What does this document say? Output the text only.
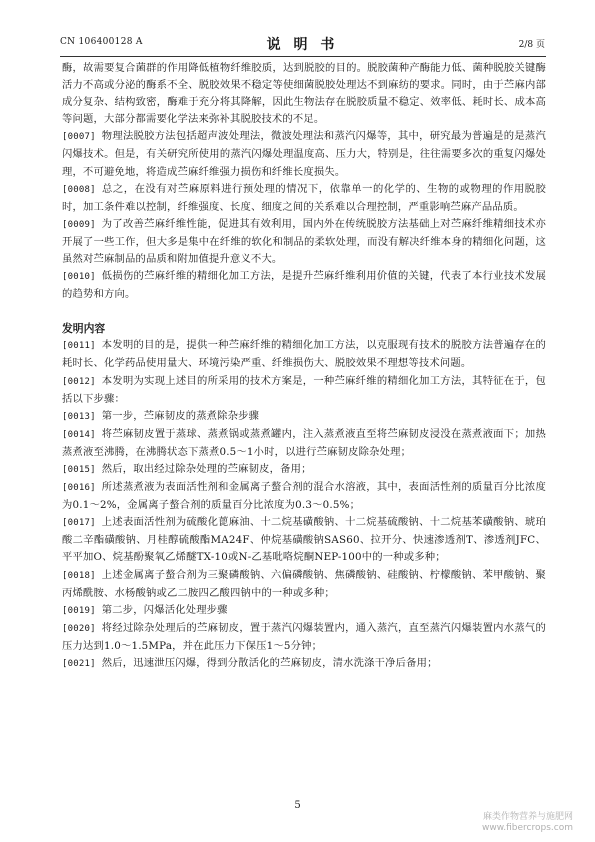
CN 106400128 A	说 明 书	2/8 页

酶，故需要复合菌群的作用降低植物纤维胶质，达到脱胶的目的。脱胶菌种产酶能力低、菌种脱胶关键酶活力不高或分泌的酶系不全、脱胶效果不稳定等使细菌脱胶处理达不到麻纺的要求。同时，由于苎麻内部成分复杂、结构致密，酶难于充分将其降解，因此生物法存在脱胶质量不稳定、效率低、耗时长、成本高等问题，大部分都需要化学法来弥补其脱胶技术的不足。

[0007] 物理法脱胶方法包括超声波处理法，微波处理法和蒸汽闪爆等，其中，研究最为普遍是的是蒸汽闪爆技术。但是，有关研究所使用的蒸汽闪爆处理温度高、压力大，特别是，往往需要多次的重复闪爆处理，不可避免地，将造成苎麻纤维强力损伤和纤维长度损失。

[0008] 总之，在没有对苎麻原料进行预处理的情况下，依靠单一的化学的、生物的或物理的作用脱胶时，加工条件难以控制，纤维强度、长度、细度之间的关系难以合理控制，严重影响苎麻产品品质。

[0009] 为了改善苎麻纤维性能，促进其有效利用，国内外在传统脱胶方法基础上对苎麻纤维精细技术亦开展了一些工作，但大多是集中在纤维的软化和制品的柔软处理，而没有解决纤维本身的精细化问题，这虽然对苎麻制品的品质和附加值提升意义不大。

[0010] 低损伤的苎麻纤维的精细化加工方法，是提升苎麻纤维利用价值的关键，代表了本行业技术发展的趋势和方向。

发明内容

[0011] 本发明的目的是，提供一种苎麻纤维的精细化加工方法，以克服现有技术的脱胶方法普遍存在的耗时长、化学药品使用量大、环境污染严重、纤维损伤大、脱胶效果不理想等技术问题。

[0012] 本发明为实现上述目的所采用的技术方案是，一种苎麻纤维的精细化加工方法，其特征在于，包括以下步骤：

[0013] 第一步，苎麻韧皮的蒸煮除杂步骤

[0014] 将苎麻韧皮置于蒸球、蒸煮锅或蒸煮罐内，注入蒸煮液直至将苎麻韧皮浸没在蒸煮液面下；加热蒸煮液至沸腾，在沸腾状态下蒸煮0.5～1小时，以进行苎麻韧皮除杂处理；

[0015] 然后，取出经过除杂处理的苎麻韧皮，备用；

[0016] 所述蒸煮液为表面活性剂和金属离子螯合剂的混合水溶液，其中，表面活性剂的质量百分比浓度为0.1～2%，金属离子螯合剂的质量百分比浓度为0.3～0.5%；

[0017] 上述表面活性剂为硫酸化蓖麻油、十二烷基磺酸钠、十二烷基硫酸钠、十二烷基苯磺酸钠、琥珀酸二辛酯磺酸钠、月桂醇硫酸酯MA24F、仲烷基磺酸钠SAS60、拉开分、快速渗透剂T、渗透剂JFC、平平加O、烷基酚聚氧乙烯醚TX-10或N-乙基吡咯烷酮NEP-100中的一种或多种；

[0018] 上述金属离子螯合剂为三聚磷酸钠、六偏磷酸钠、焦磷酸钠、硅酸钠、柠檬酸钠、苯甲酸钠、聚丙烯酰胺、水杨酸钠或乙二胺四乙酸四钠中的一种或多种；

[0019] 第二步，闪爆活化处理步骤

[0020] 将经过除杂处理后的苎麻韧皮，置于蒸汽闪爆装置内，通入蒸汽，直至蒸汽闪爆装置内水蒸气的压力达到1.0～1.5MPa，并在此压力下保压1～5分钟；

[0021] 然后，迅速泄压闪爆，得到分散活化的苎麻韧皮，清水洗涤干净后备用；

5
麻类作物营养与施肥网
www.fibercrops.com
